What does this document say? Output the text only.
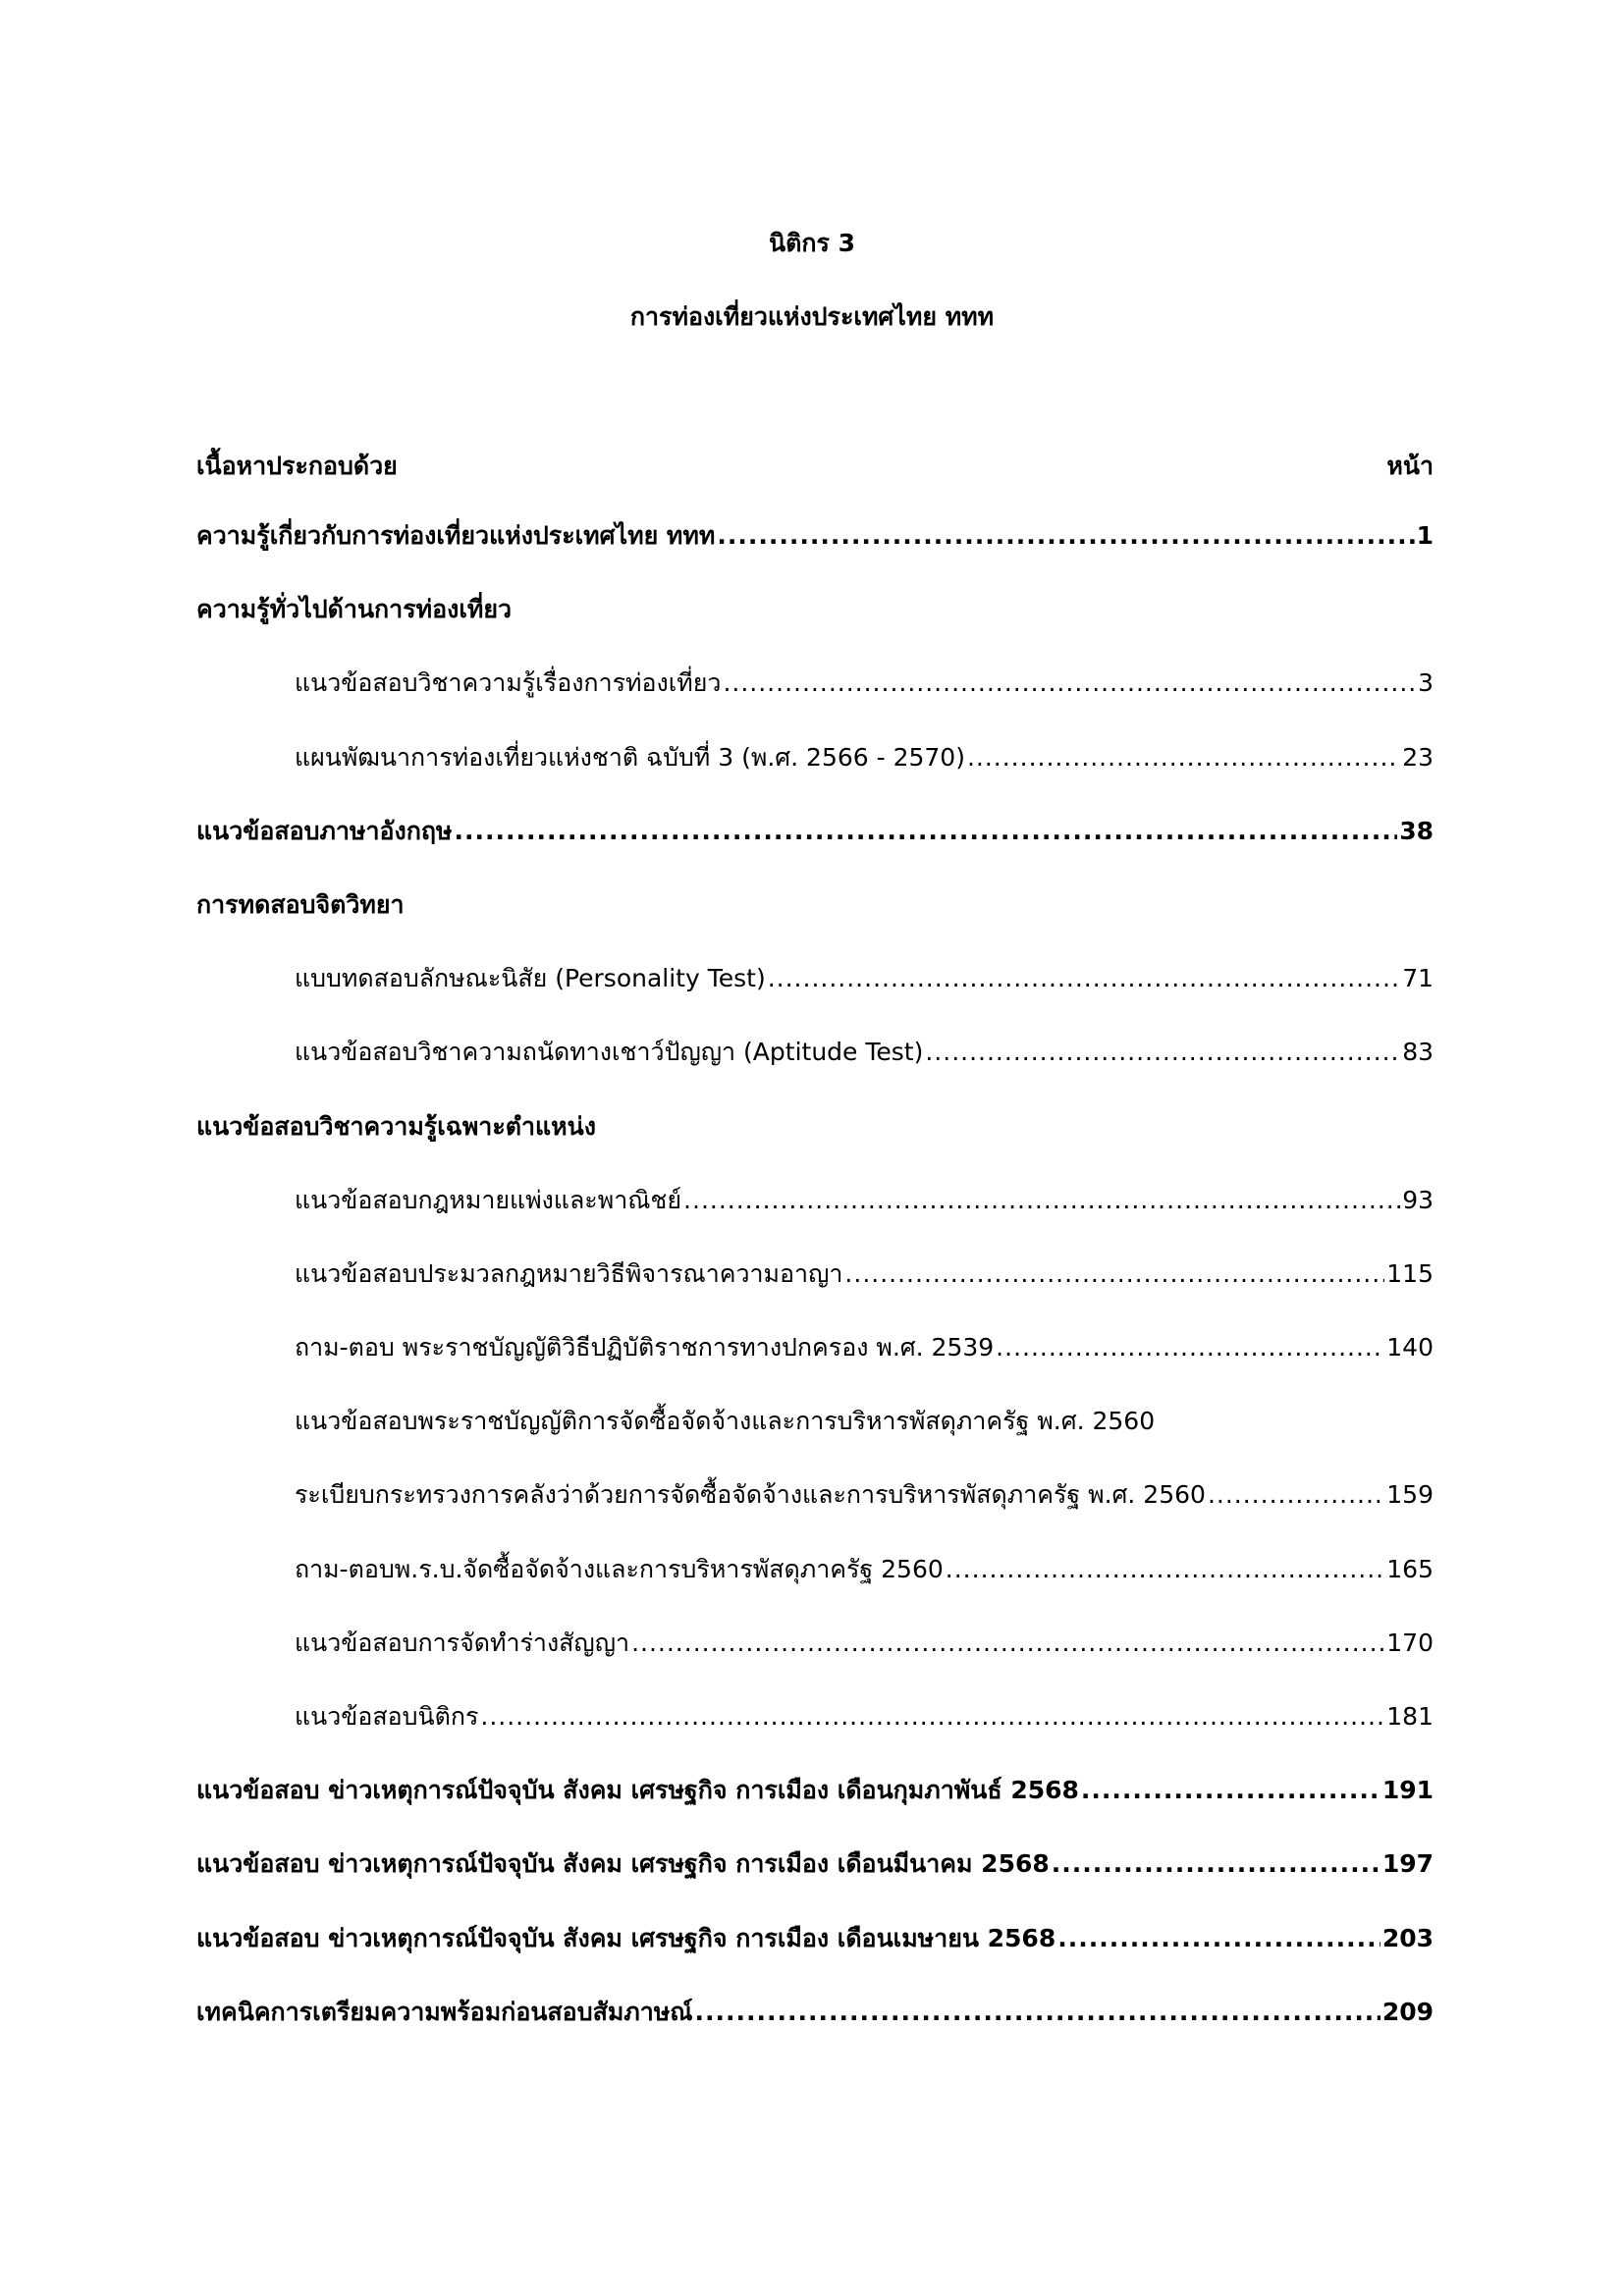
นิติกร 3
การท่องเที่ยวแห่งประเทศไทย ททท
เนื้อหาประกอบด้วย	หน้า
ความรู้เกี่ยวกับการท่องเที่ยวแห่งประเทศไทย ททท .....	1
ความรู้ทั่วไปด้านการท่องเที่ยว
แนวข้อสอบวิชาความรู้เรื่องการท่องเที่ยว .....	3
แผนพัฒนาการท่องเที่ยวแห่งชาติ ฉบับที่ 3 (พ.ศ. 2566 - 2570) .....	23
แนวข้อสอบภาษาอังกฤษ .....	38
การทดสอบจิตวิทยา
แบบทดสอบลักษณะนิสัย (Personality Test) .....	71
แนวข้อสอบวิชาความถนัดทางเชาว์ปัญญา (Aptitude Test) .....	83
แนวข้อสอบวิชาความรู้เฉพาะตำแหน่ง
แนวข้อสอบกฎหมายแพ่งและพาณิชย์ .....	93
แนวข้อสอบประมวลกฎหมายวิธีพิจารณาความอาญา .....	115
ถาม-ตอบ พระราชบัญญัติวิธีปฏิบัติราชการทางปกครอง พ.ศ. 2539 .....	140
แนวข้อสอบพระราชบัญญัติการจัดซื้อจัดจ้างและการบริหารพัสดุภาครัฐ พ.ศ. 2560
ระเบียบกระทรวงการคลังว่าด้วยการจัดซื้อจัดจ้างและการบริหารพัสดุภาครัฐ พ.ศ. 2560 .....	159
ถาม-ตอบพ.ร.บ.จัดซื้อจัดจ้างและการบริหารพัสดุภาครัฐ 2560 .....	165
แนวข้อสอบการจัดทำร่างสัญญา .....	170
แนวข้อสอบนิติกร .....	181
แนวข้อสอบ ข่าวเหตุการณ์ปัจจุบัน สังคม เศรษฐกิจ การเมือง เดือนกุมภาพันธ์ 2568 .....	191
แนวข้อสอบ ข่าวเหตุการณ์ปัจจุบัน สังคม เศรษฐกิจ การเมือง เดือนมีนาคม 2568 .....	197
แนวข้อสอบ ข่าวเหตุการณ์ปัจจุบัน สังคม เศรษฐกิจ การเมือง เดือนเมษายน 2568 .....	203
เทคนิคการเตรียมความพร้อมก่อนสอบสัมภาษณ์ .....	209
